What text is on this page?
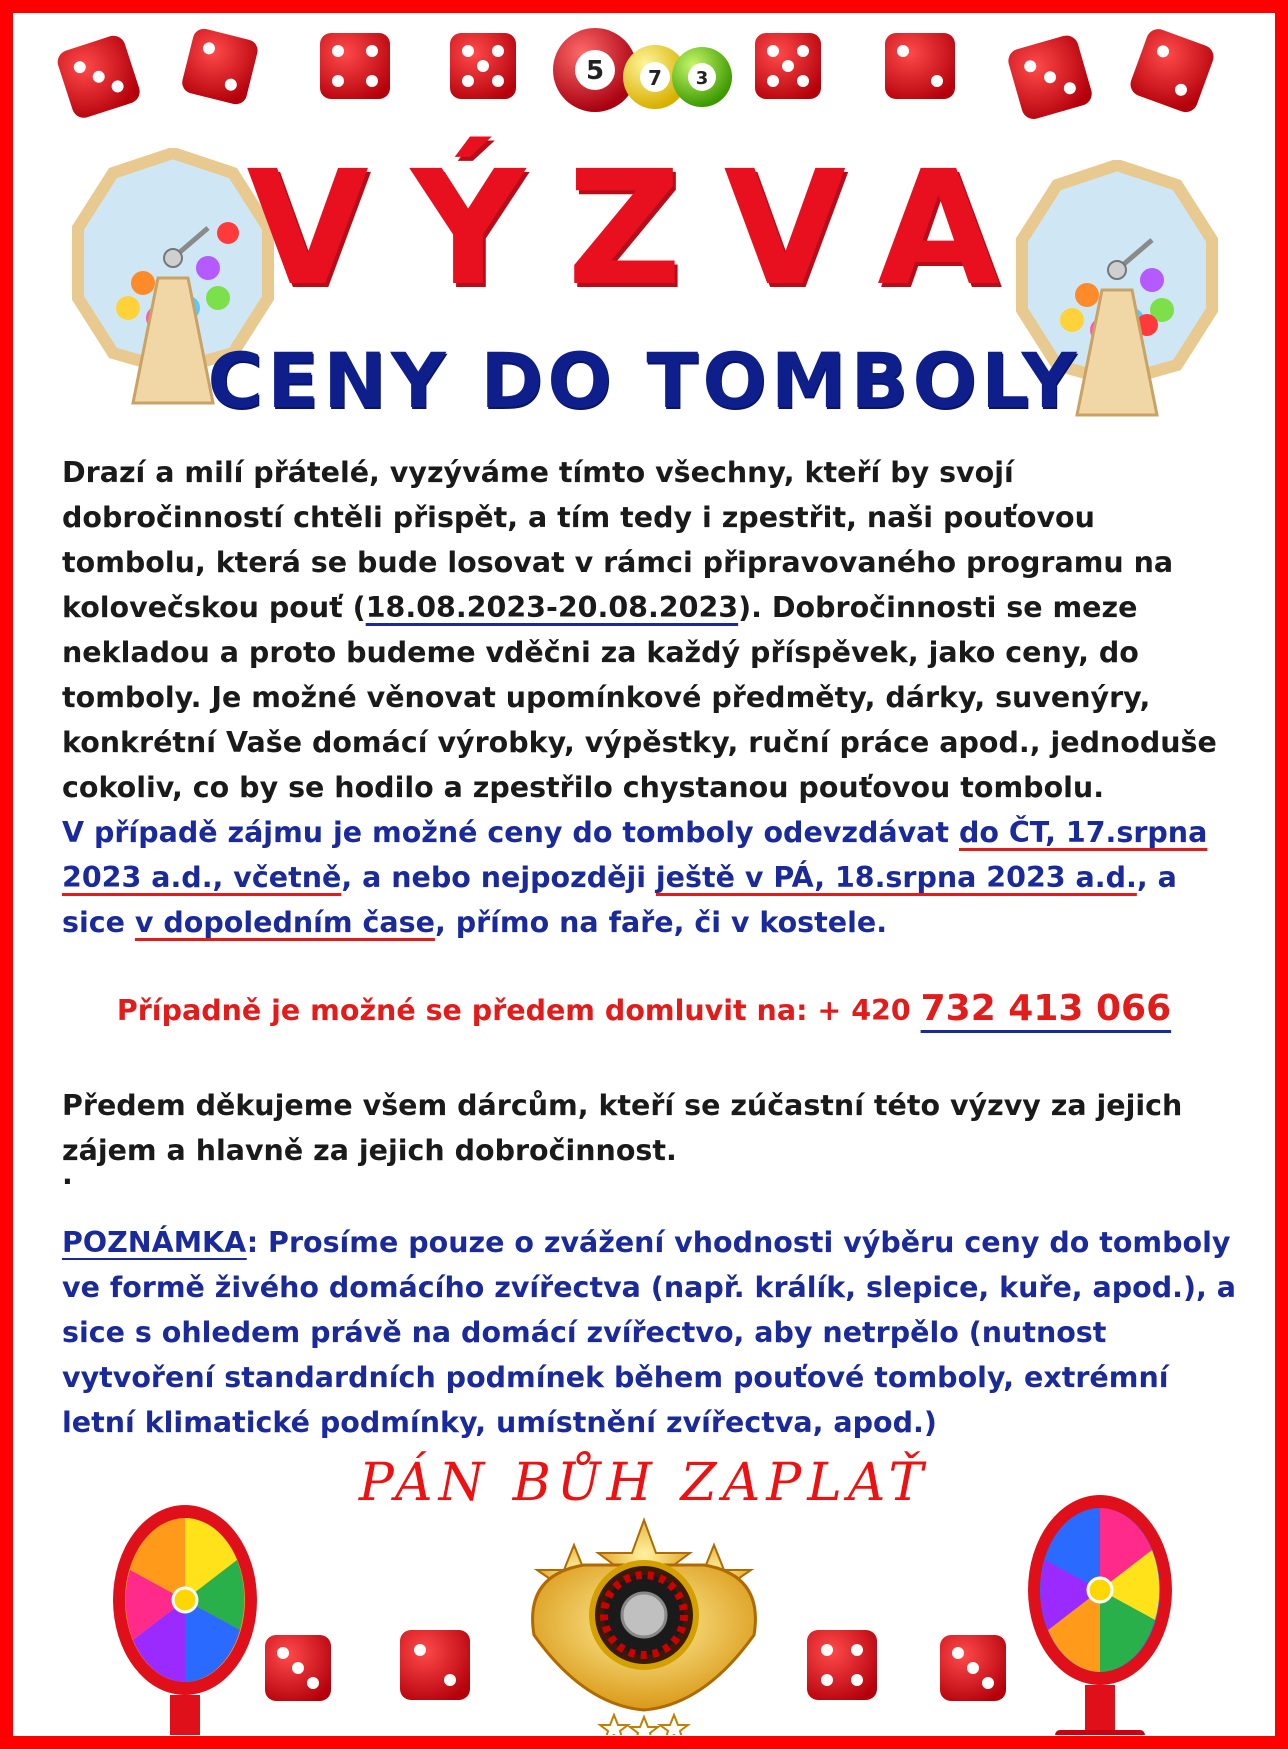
5 7 3
VÝZVA
CENY DO TOMBOLY
Drazí a milí přátelé, vyzýváme tímto všechny, kteří by svojí dobročinností chtěli přispět, a tím tedy i zpestřit, naši pouťovou tombolu, která se bude losovat v rámci připravovaného programu na kolovečskou pouť (18.08.2023-20.08.2023). Dobročinnosti se meze nekladou a proto budeme vděčni za každý příspěvek, jako ceny, do tomboly. Je možné věnovat upomínkové předměty, dárky, suvenýry, konkrétní Vaše domácí výrobky, výpěstky, ruční práce apod., jednoduše cokoliv, co by se hodilo a zpestřilo chystanou pouťovou tombolu.
V případě zájmu je možné ceny do tomboly odevzdávat do ČT, 17.srpna 2023 a.d., včetně, a nebo nejpozději ještě v PÁ, 18.srpna 2023 a.d., a sice v dopoledním čase, přímo na faře, či v kostele.
Případně je možné se předem domluvit na: + 420 732 413 066
Předem děkujeme všem dárcům, kteří se zúčastní této výzvy za jejich zájem a hlavně za jejich dobročinnost.
.
POZNÁMKA: Prosíme pouze o zvážení vhodnosti výběru ceny do tomboly ve formě živého domácího zvířectva (např. králík, slepice, kuře, apod.), a sice s ohledem právě na domácí zvířectvo, aby netrpělo (nutnost vytvoření standardních podmínek během pouťové tomboly, extrémní letní klimatické podmínky, umístnění zvířectva, apod.)
PÁN BŮH ZAPLAŤ
